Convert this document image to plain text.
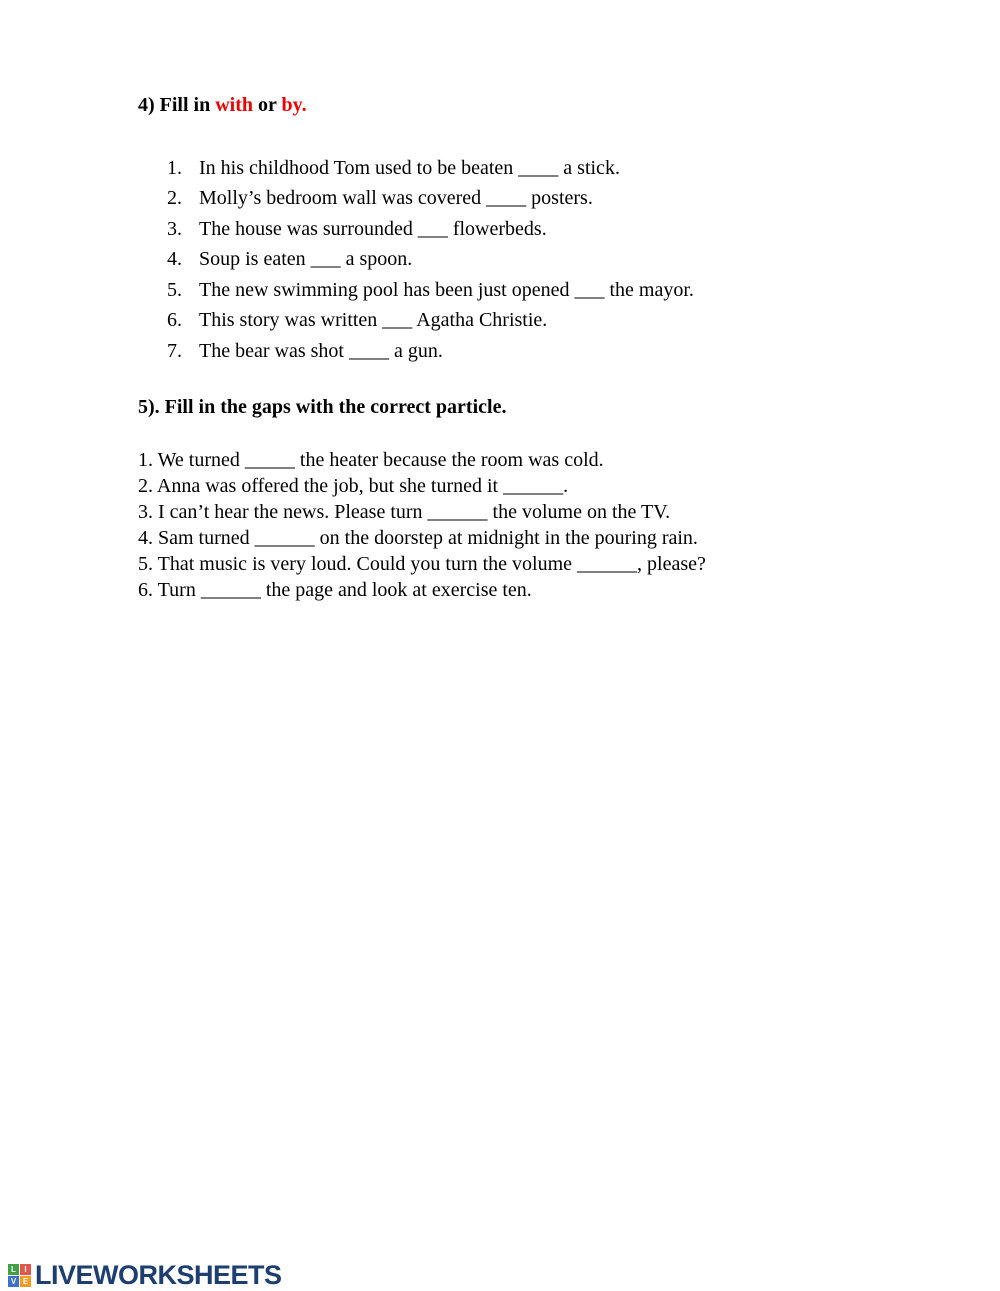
4) Fill in with or by.
1. In his childhood Tom used to be beaten ____ a stick.
2. Molly’s bedroom wall was covered ____ posters.
3. The house was surrounded ___ flowerbeds.
4. Soup is eaten ___ a spoon.
5. The new swimming pool has been just opened ___ the mayor.
6. This story was written ___ Agatha Christie.
7. The bear was shot ____ a gun.
5). Fill in the gaps with the correct particle.
1. We turned _____ the heater because the room was cold.
2. Anna was offered the job, but she turned it ______.
3. I can’t hear the news. Please turn ______ the volume on the TV.
4. Sam turned ______ on the doorstep at midnight in the pouring rain.
5. That music is very loud. Could you turn the volume ______, please?
6. Turn ______ the page and look at exercise ten.
L	I
V E LIVEWORKSHEETS
